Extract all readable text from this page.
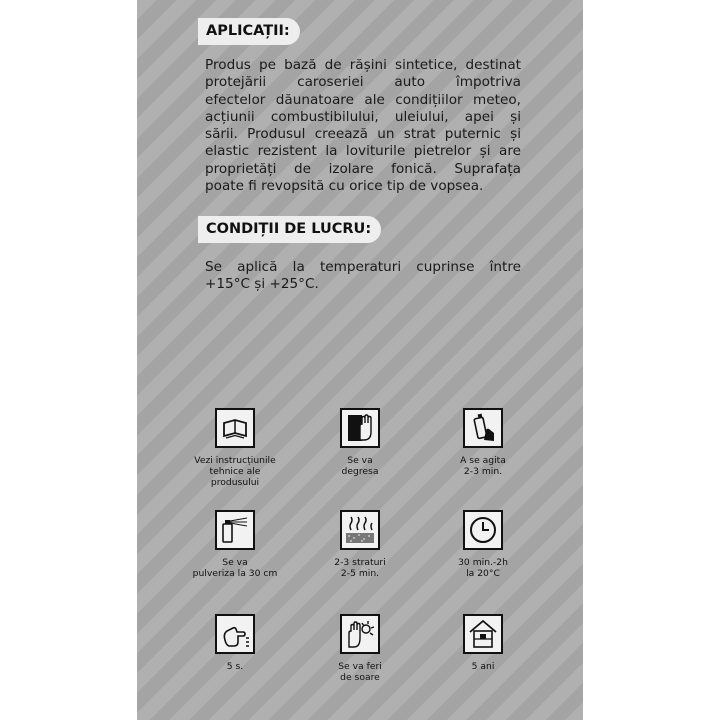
APLICAȚII:
Produs pe bază de rășini sintetice, destinat
protejării caroseriei auto împotriva
efectelor dăunatoare ale condițiilor meteo,
acțiunii combustibilului, uleiului, apei și
sării. Produsul creează un strat puternic și
elastic rezistent la loviturile pietrelor și are
proprietăți de izolare fonică. Suprafața
poate fi revopsită cu orice tip de vopsea.
CONDIȚII DE LUCRU:
Se aplică la temperaturi cuprinse între
+15°C și +25°C.
Vezi instrucțiunile
tehnice ale
produsului
Se va
degresa
A se agita
2-3 min.
Se va
pulveriza la 30 cm
2-3 straturi
2-5 min.
30 min.-2h
la 20°C
5 s.	Se va feri
de soare
5 ani
